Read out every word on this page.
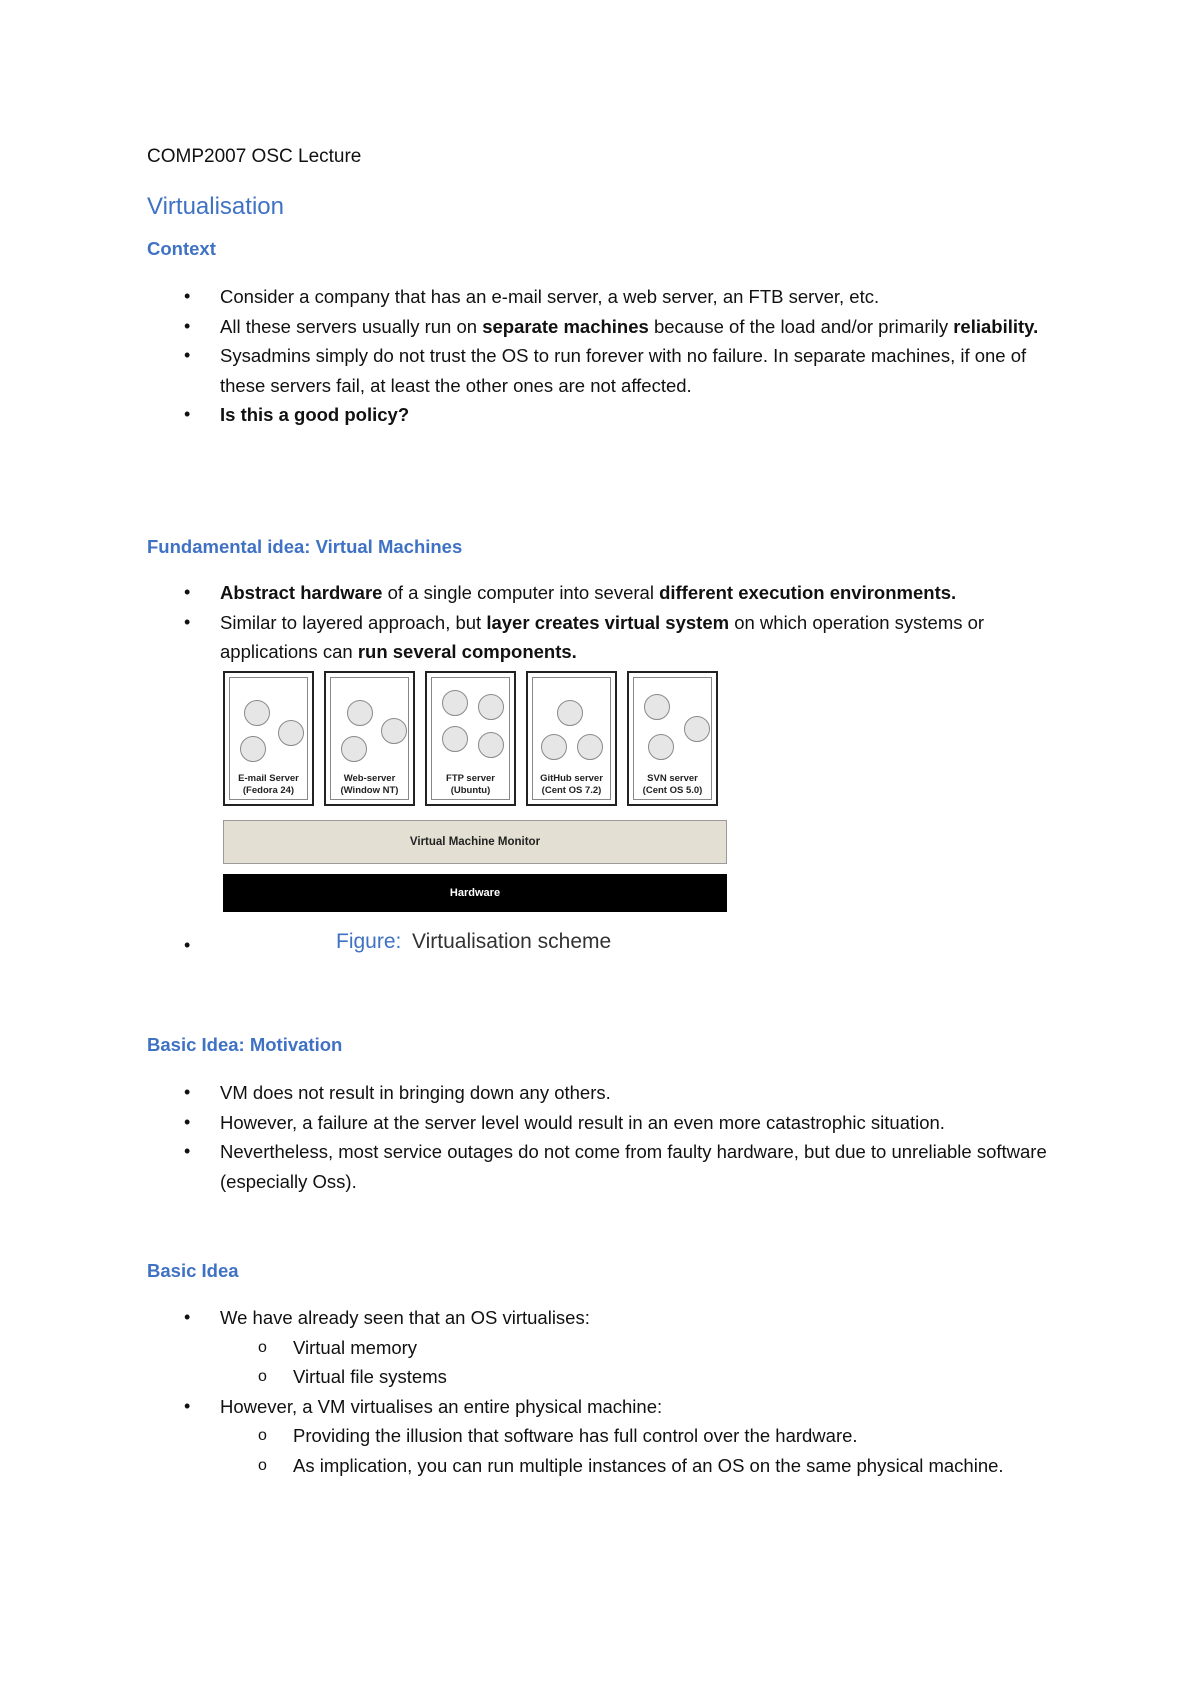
COMP2007 OSC Lecture
Virtualisation
Context
• Consider a company that has an e-mail server, a web server, an FTB server, etc.
• All these servers usually run on separate machines because of the load and/or primarily reliability.
• Sysadmins simply do not trust the OS to run forever with no failure. In separate machines, if one of these servers fail, at least the other ones are not affected.
• Is this a good policy?
Fundamental idea: Virtual Machines
• Abstract hardware of a single computer into several different execution environments.
• Similar to layered approach, but layer creates virtual system on which operation systems or applications can run several components.
E-mail Server
(Fedora 24)
Web-server
(Window NT)
FTP server
(Ubuntu)
GitHub server
(Cent OS 7.2)
SVN server
(Cent OS 5.0)
Virtual Machine Monitor
Hardware
•	Figure: Virtualisation scheme
Basic Idea: Motivation
• VM does not result in bringing down any others.
• However, a failure at the server level would result in an even more catastrophic situation.
• Nevertheless, most service outages do not come from faulty hardware, but due to unreliable software (especially Oss).
Basic Idea
• We have already seen that an OS virtualises:
o Virtual memory
o Virtual file systems
• However, a VM virtualises an entire physical machine:
o Providing the illusion that software has full control over the hardware.
o As implication, you can run multiple instances of an OS on the same physical machine.
